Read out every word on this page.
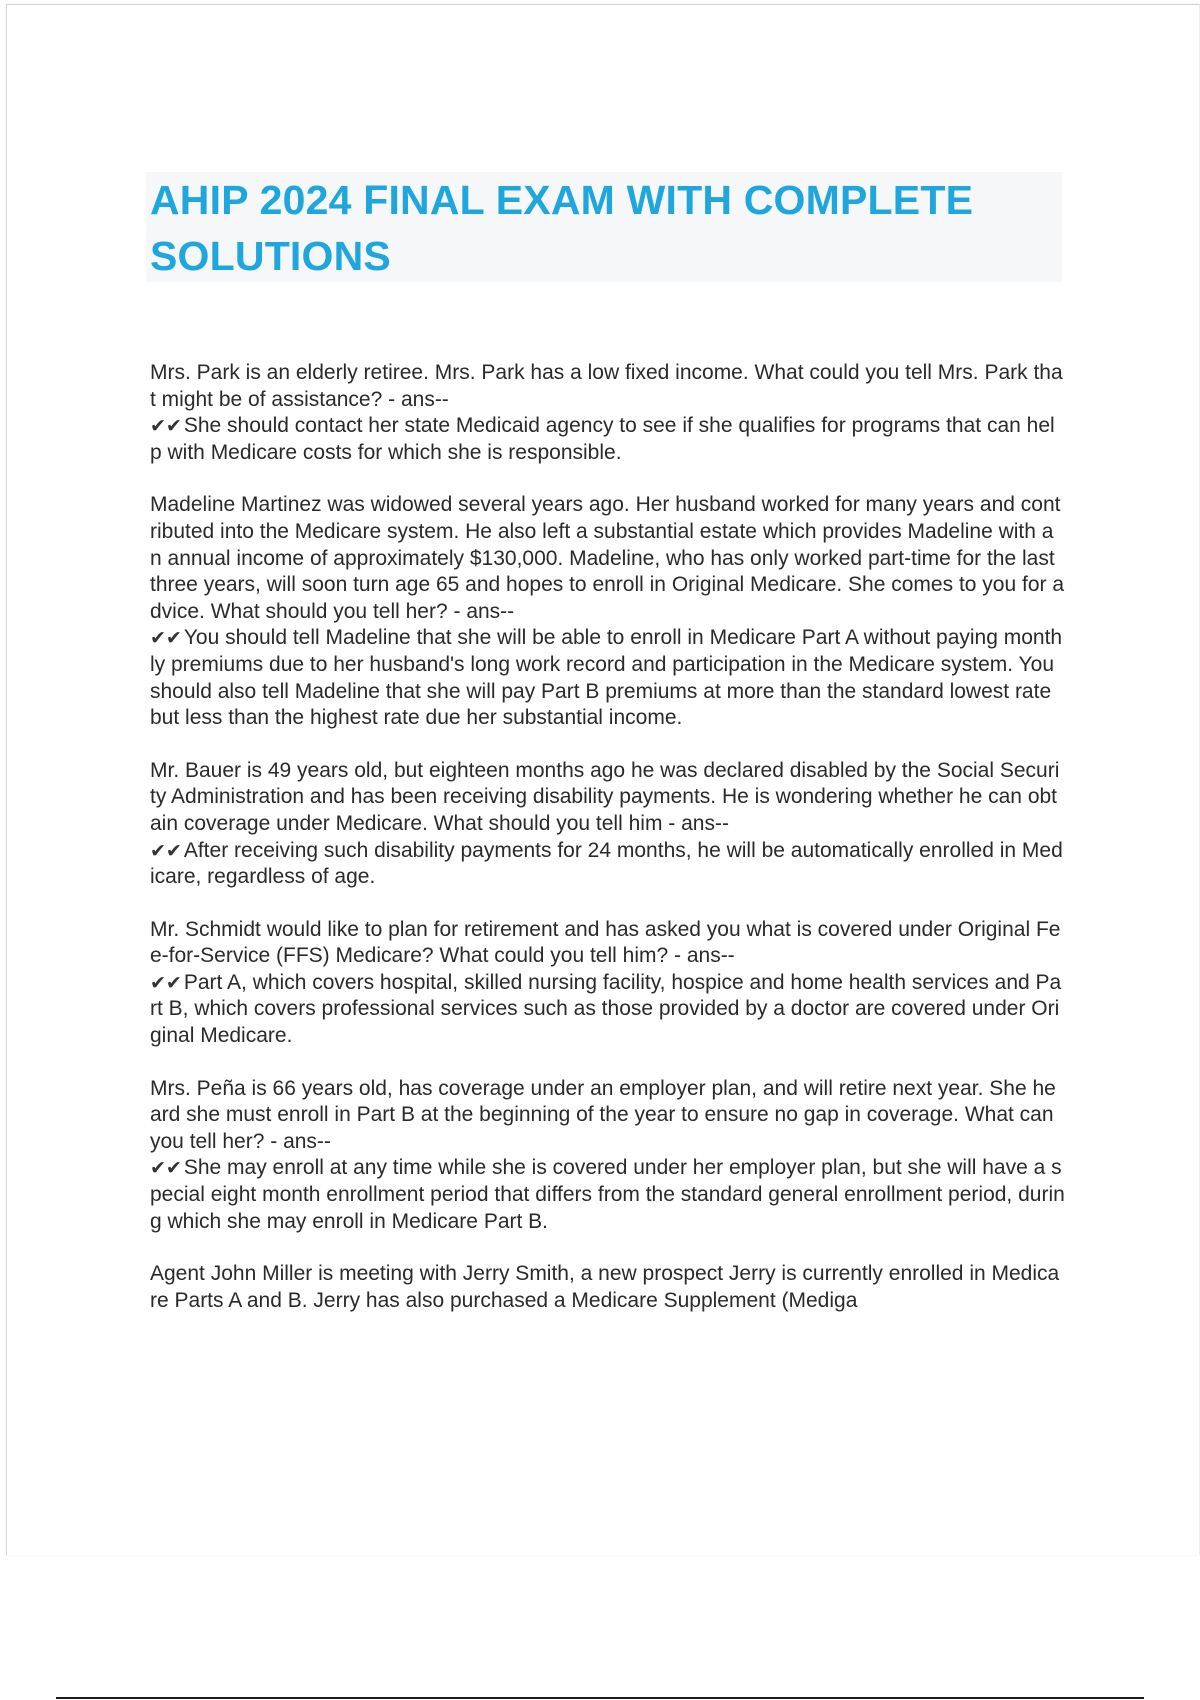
AHIP 2024 FINAL EXAM WITH COMPLETE SOLUTIONS
Mrs. Park is an elderly retiree. Mrs. Park has a low fixed income. What could you tell Mrs. Park that might be of assistance? - ans--
✔✔She should contact her state Medicaid agency to see if she qualifies for programs that can help with Medicare costs for which she is responsible.
Madeline Martinez was widowed several years ago. Her husband worked for many years and contributed into the Medicare system. He also left a substantial estate which provides Madeline with an annual income of approximately $130,000. Madeline, who has only worked part-time for the last three years, will soon turn age 65 and hopes to enroll in Original Medicare. She comes to you for advice. What should you tell her? - ans--
✔✔You should tell Madeline that she will be able to enroll in Medicare Part A without paying monthly premiums due to her husband's long work record and participation in the Medicare system. You should also tell Madeline that she will pay Part B premiums at more than the standard lowest rate but less than the highest rate due her substantial income.
Mr. Bauer is 49 years old, but eighteen months ago he was declared disabled by the Social Security Administration and has been receiving disability payments. He is wondering whether he can obtain coverage under Medicare. What should you tell him - ans--
✔✔After receiving such disability payments for 24 months, he will be automatically enrolled in Medicare, regardless of age.
Mr. Schmidt would like to plan for retirement and has asked you what is covered under Original Fee-for-Service (FFS) Medicare? What could you tell him? - ans--
✔✔Part A, which covers hospital, skilled nursing facility, hospice and home health services and Part B, which covers professional services such as those provided by a doctor are covered under Original Medicare.
Mrs. Peña is 66 years old, has coverage under an employer plan, and will retire next year. She heard she must enroll in Part B at the beginning of the year to ensure no gap in coverage. What can you tell her? - ans--
✔✔She may enroll at any time while she is covered under her employer plan, but she will have a special eight month enrollment period that differs from the standard general enrollment period, during which she may enroll in Medicare Part B.
Agent John Miller is meeting with Jerry Smith, a new prospect Jerry is currently enrolled in Medicare Parts A and B. Jerry has also purchased a Medicare Supplement (Mediga
